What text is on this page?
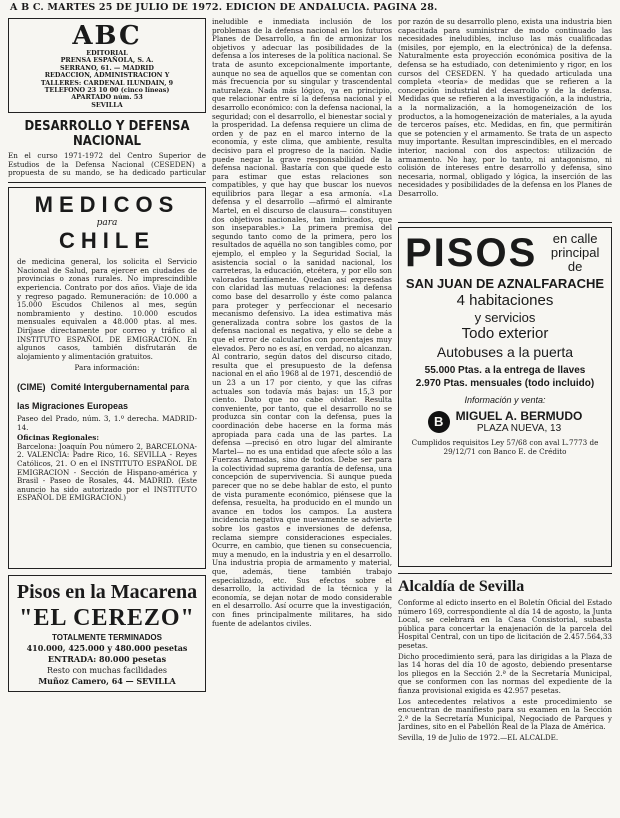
A B C. MARTES 25 DE JULIO DE 1972. EDICION DE ANDALUCIA. PAGINA 28.
ABC

EDITORIAL

PRENSA ESPAÑOLA, S. A.

SERRANO, 61. — MADRID

REDACCION, ADMINISTRACION Y

TALLERES: CARDENAL ILUNDAIN, 9

TELEFONO 23 10 00 (cinco líneas)

APARTADO núm. 53

SEVILLA

DESARROLLO Y DEFENSA NACIONAL

En el curso 1971-1972 del Centro Superior de Estudios de la Defensa Nacional (CESEDEN) a propuesta de su mando, se ha dedicado particular

MEDICOS
para
CHILE

de medicina general, los solicita el Servicio Nacional de Salud, para ejercer en ciudades de provincias o zonas rurales. No imprescindible experiencia. Contrato por dos años. Viaje de ida y regreso pagado. Remuneración: de 10.000 a 15.000 Escudos Chilenos al mes, según nombramiento y destino. 10.000 escudos mensuales equivalen a 48.000 ptas. al mes. Diríjase directamente por correo y tráfico al INSTITUTO ESPAÑOL DE EMIGRACION. En algunos casos, también disfrutarán de alojamiento y alimentación gratuitos.

Para información:

(CIME) Comité Intergubernamental para las Migraciones Europeas

Paseo del Prado, núm. 3, 1.º derecha. MADRID-14.

Oficinas Regionales:

Barcelona: Joaquín Pou número 2, BARCELONA-2. VALENCIA: Padre Rico, 16. SEVILLA - Reyes Católicos, 21. O en el INSTITUTO ESPAÑOL DE EMIGRACION - Sección de Hispano-américa y Brasil - Paseo de Rosales, 44. MADRID. (Este anuncio ha sido autorizado por el INSTITUTO ESPAÑOL DE EMIGRACION.)

Pisos en la Macarena
"EL CEREZO"

TOTALMENTE TERMINADOS

410.000, 425.000 y 480.000 pesetas

ENTRADA: 80.000 pesetas

Resto con muchas facilidades

Muñoz Camero, 64 — SEVILLA

ineludible e inmediata inclusión de los problemas de la defensa nacional en los futuros Planes de Desarrollo, a fin de armonizar los objetivos y adecuar las posibilidades de la defensa a los intereses de la política nacional. Se trata de asunto excepcionalmente importante, aunque no sea de aquellos que se comentan con más frecuencia por su singular y trascendental naturaleza. Nada más lógico, ya en principio, que relacionar entre sí la defensa nacional y el desarrollo económico: con la defensa nacional, la seguridad; con el desarrollo, el bienestar social y la prosperidad. La defensa requiere un clima de orden y de paz en el marco interno de la economía, y este clima, que ambiente, resulta decisivo para el progreso de la nación. Nadie puede negar la grave responsabilidad de la defensa nacional. Bastaría con que quede esto para estimar que estas relaciones son compatibles, y que hay que buscar los nuevos equilibrios para llegar a esa armonía. «La defensa y el desarrollo —afirmó el almirante Martel, en el discurso de clausura— constituyen dos objetivos nacionales, tan imbricados, que son inseparables.» La primera premisa del segundo tanto como de la primera, pero los resultados de aquélla no son tangibles como, por ejemplo, el empleo y la Seguridad Social, la asistencia social o la sanidad nacional, los carreteras, la educación, etcétera, y por ello son valorados tardíamente. Quedan así expresadas con claridad las mutuas relaciones: la defensa como base del desarrollo y éste como palanca para proteger y perfeccionar el necesario mecanismo defensivo. La idea estimativa más generalizada contra sobre los gastos de la defensa nacional es negativa, y ello se debe a que el error de calcularlos con porcentajes muy elevados. Pero no es así, en verdad, no alcanzan. Al contrario, según datos del discurso citado, resulta que el presupuesto de la defensa nacional en el año 1968 al de 1971, descendió de un 23 a un 17 por ciento, y que las cifras actuales son todavía más bajas: un 15,3 por ciento. Dato que no cabe olvidar. Resulta conveniente, por tanto, que el desarrollo no se produzca sin contar con la defensa, pues la coordinación debe hacerse en la forma más apropiada para cada una de las partes. La defensa —precisó en otro lugar del almirante Martel— no es una entidad que afecte sólo a las Fuerzas Armadas, sino de todos. Debe ser para la colectividad suprema garantía de defensa, una concepción de supervivencia. Si aunque pueda parecer que no se debe hablar de esto, el punto de vista puramente económico, piénsese que la defensa, resuelta, ha producido en el mundo un avance en todos los campos. La austera incidencia negativa que nuevamente se advierte sobre los gastos e inversiones de defensa, reclama siempre consideraciones especiales. Ocurre, en cambio, que tienen su consecuencia, muy a menudo, en la industria y en el desarrollo. Una industria propia de armamento y material, que, además, tiene también trabajo especializado, etc. Sus efectos sobre el desarrollo, la actividad de la técnica y la economía, se dejan notar de modo considerable en el desarrollo. Así ocurre que la investigación, con fines principalmente militares, ha sido fuente de adelantos civiles.

por razón de su desarrollo pleno, exista una industria bien capacitada para suministrar de modo continuado las necesidades ineludibles, incluso las más cualificadas (misiles, por ejemplo, en la electrónica) de la defensa. Naturalmente esta proyección económica positiva de la defensa se ha estudiado, con detenimiento y rigor, en los cursos del CESEDEN. Y ha quedado articulada una completa «teoría» de medidas que se refieren a la concepción industrial del desarrollo y de la defensa. Medidas que se refieren a la investigación, a la industria, a la normalización, a la homogeneización de los productos, a la homogeneización de materiales, a la ayuda de terceros países, etc. Medidas, en fin, que permitirán que se potencien y el armamento. Se trata de un aspecto muy importante. Resultan imprescindibles, en el mercado interior, nacional con dos aspectos: utilización de armamento. No hay, por lo tanto, ni antagonismo, ni colisión de intereses entre desarrollo y defensa, sino necesaria, normal, obligado y lógica, la inserción de las necesidades y posibilidades de la defensa en los Planes de Desarrollo.

PISOS	en calle principal de
SAN JUAN DE AZNALFARACHE
4 habitaciones
y servicios
Todo exterior
Autobuses a la puerta
55.000 Ptas. a la entrega de llaves
2.970 Ptas. mensuales (todo incluido)
Información y venta:
B	MIGUEL A. BERMUDO
PLAZA NUEVA, 13

Cumplidos requisitos Ley 57/68 con aval L.7773 de 29/12/71 con Banco E. de Crédito

Alcaldía de Sevilla

Conforme al edicto inserto en el Boletín Oficial del Estado número 169, correspondiente al día 14 de agosto, la Junta Local, se celebrará en la Casa Consistorial, subasta pública para concertar la enajenación de la parcela del Hospital Central, con un tipo de licitación de 2.457.564,33 pesetas.

Dicho procedimiento será, para las dirigidas a la Plaza de las 14 horas del día 10 de agosto, debiendo presentarse los pliegos en la Sección 2.ª de la Secretaría Municipal, que se conformen con las normas del expediente de la fianza provisional exigida es 42.957 pesetas.

Los antecedentes relativos a este procedimiento se encuentran de manifiesto para su examen en la Sección 2.ª de la Secretaría Municipal, Negociado de Parques y Jardines, sito en el Pabellón Real de la Plaza de América.

Sevilla, 19 de Julio de 1972.—EL ALCALDE.
